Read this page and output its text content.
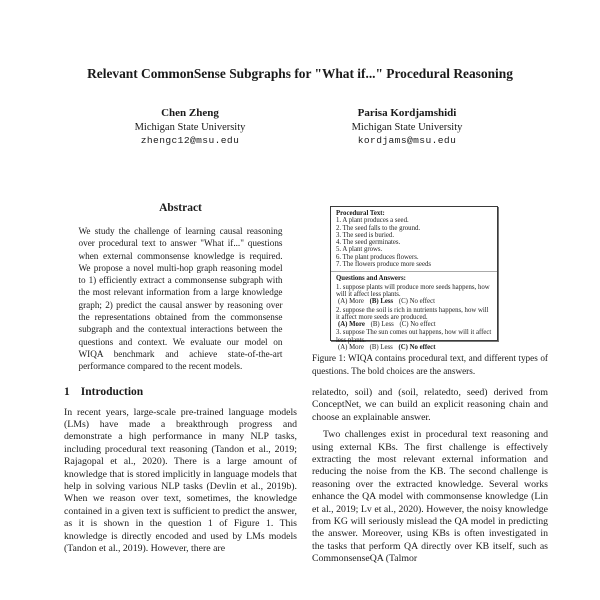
Relevant CommonSense Subgraphs for "What if..." Procedural Reasoning
Chen Zheng
Michigan State University
zhengc12@msu.edu
Parisa Kordjamshidi
Michigan State University
kordjams@msu.edu
Abstract
We study the challenge of learning causal reasoning over procedural text to answer "What if..." questions when external commonsense knowledge is required. We propose a novel multi-hop graph reasoning model to 1) efficiently extract a commonsense subgraph with the most relevant information from a large knowledge graph; 2) predict the causal answer by reasoning over the representations obtained from the commonsense subgraph and the contextual interactions between the questions and context. We evaluate our model on WIQA benchmark and achieve state-of-the-art performance compared to the recent models.
1 Introduction

In recent years, large-scale pre-trained language models (LMs) have made a breakthrough progress and demonstrate a high performance in many NLP tasks, including procedural text reasoning (Tandon et al., 2019; Rajagopal et al., 2020). There is a large amount of knowledge that is stored implicitly in language models that help in solving various NLP tasks (Devlin et al., 2019b). When we reason over text, sometimes, the knowledge contained in a given text is sufficient to predict the answer, as it is shown in the question 1 of Figure 1. This knowledge is directly encoded and used by LMs models (Tandon et al., 2019). However, there are

Procedural Text:
1. A plant produces a seed.
2. The seed falls to the ground.
3. The seed is buried.
4. The seed germinates.
5. A plant grows.
6. The plant produces flowers.
7. The flowers produce more seeds
Questions and Answers:
1. suppose plants will produce more seeds happens, how will it affect less plants.
(A) More (B) Less (C) No effect
2. suppose the soil is rich in nutrients happens, how will it affect more seeds are produced.
(A) More (B) Less (C) No effect
3. suppose The sun comes out happens, how will it affect less plants.
(A) More (B) Less (C) No effect
Figure 1: WIQA contains procedural text, and different types of questions. The bold choices are the answers.

relatedto, soil) and (soil, relatedto, seed) derived from ConceptNet, we can build an explicit reasoning chain and choose an explainable answer.

Two challenges exist in procedural text reasoning and using external KBs. The first challenge is effectively extracting the most relevant external information and reducing the noise from the KB. The second challenge is reasoning over the extracted knowledge. Several works enhance the QA model with commonsense knowledge (Lin et al., 2019; Lv et al., 2020). However, the noisy knowledge from KG will seriously mislead the QA model in predicting the answer. Moreover, using KBs is often investigated in the tasks that perform QA directly over KB itself, such as CommonsenseQA (Talmor
